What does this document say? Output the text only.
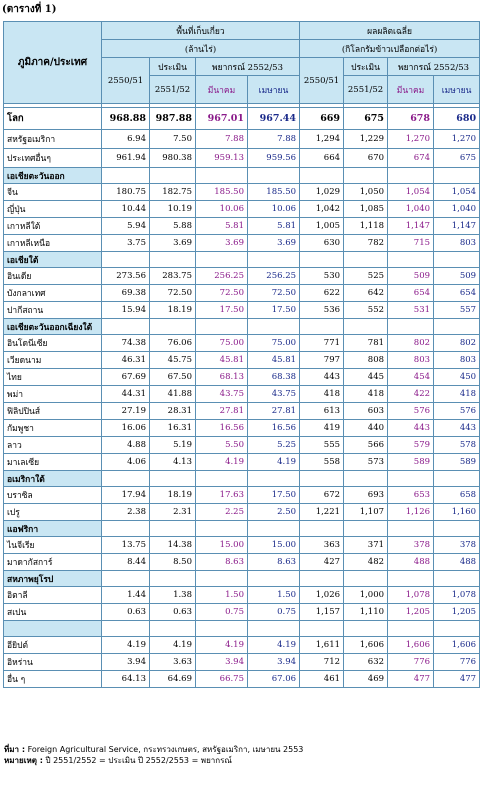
(ตารางที่ 1)
ภูมิภาค/ประเทศ	พื้นที่เก็บเกี่ยว				ผลผลิตเฉลี่ย			
	(ล้านไร่)				(กิโลกรัมข้าวเปลือกต่อไร่)			
	2550/51	ประเมิน	พยากรณ์ 2552/53		2550/51	ประเมิน	พยากรณ์ 2552/53	
		2551/52	มีนาคม	เมษายน		2551/52	มีนาคม	เมษายน

โลก	968.88	987.88	967.01	967.44	669	675	678	680
สหรัฐอเมริกา	6.94	7.50	7.88	7.88	1,294	1,229	1,270	1,270
ประเทศอื่นๆ	961.94	980.38	959.13	959.56	664	670	674	675
เอเชียตะวันออก								
จีน	180.75	182.75	185.50	185.50	1,029	1,050	1,054	1,054
ญี่ปุ่น	10.44	10.19	10.06	10.06	1,042	1,085	1,040	1,040
เกาหลีใต้	5.94	5.88	5.81	5.81	1,005	1,118	1,147	1,147
เกาหลีเหนือ	3.75	3.69	3.69	3.69	630	782	715	803
เอเชียใต้								
อินเดีย	273.56	283.75	256.25	256.25	530	525	509	509
บังกลาเทศ	69.38	72.50	72.50	72.50	622	642	654	654
ปากีสถาน	15.94	18.19	17.50	17.50	536	552	531	557
เอเชียตะวันออกเฉียงใต้								
อินโดนีเซีย	74.38	76.06	75.00	75.00	771	781	802	802
เวียดนาม	46.31	45.75	45.81	45.81	797	808	803	803
ไทย	67.69	67.50	68.13	68.38	443	445	454	450
พม่า	44.31	41.88	43.75	43.75	418	418	422	418
ฟิลิปปินส์	27.19	28.31	27.81	27.81	613	603	576	576
กัมพูชา	16.06	16.31	16.56	16.56	419	440	443	443
ลาว	4.88	5.19	5.50	5.25	555	566	579	578
มาเลเซีย	4.06	4.13	4.19	4.19	558	573	589	589
อเมริกาใต้								
บราซิล	17.94	18.19	17.63	17.50	672	693	653	658
เปรู	2.38	2.31	2.25	2.50	1,221	1,107	1,126	1,160
แอฟริกา								
ไนจีเรีย	13.75	14.38	15.00	15.00	363	371	378	378
มาดากัสการ์	8.44	8.50	8.63	8.63	427	482	488	488
สหภาพยุโรป								
อิตาลี	1.44	1.38	1.50	1.50	1,026	1,000	1,078	1,078
สเปน	0.63	0.63	0.75	0.75	1,157	1,110	1,205	1,205

อียิปต์	4.19	4.19	4.19	4.19	1,611	1,606	1,606	1,606
อิหร่าน	3.94	3.63	3.94	3.94	712	632	776	776
อื่น ๆ	64.13	64.69	66.75	67.06	461	469	477	477
ที่มา : Foreign Agricultural Service, กระทรวงเกษตร, สหรัฐอเมริกา, เมษายน 2553
หมายเหตุ : ปี 2551/2552 = ประเมิน ปี 2552/2553 = พยากรณ์
